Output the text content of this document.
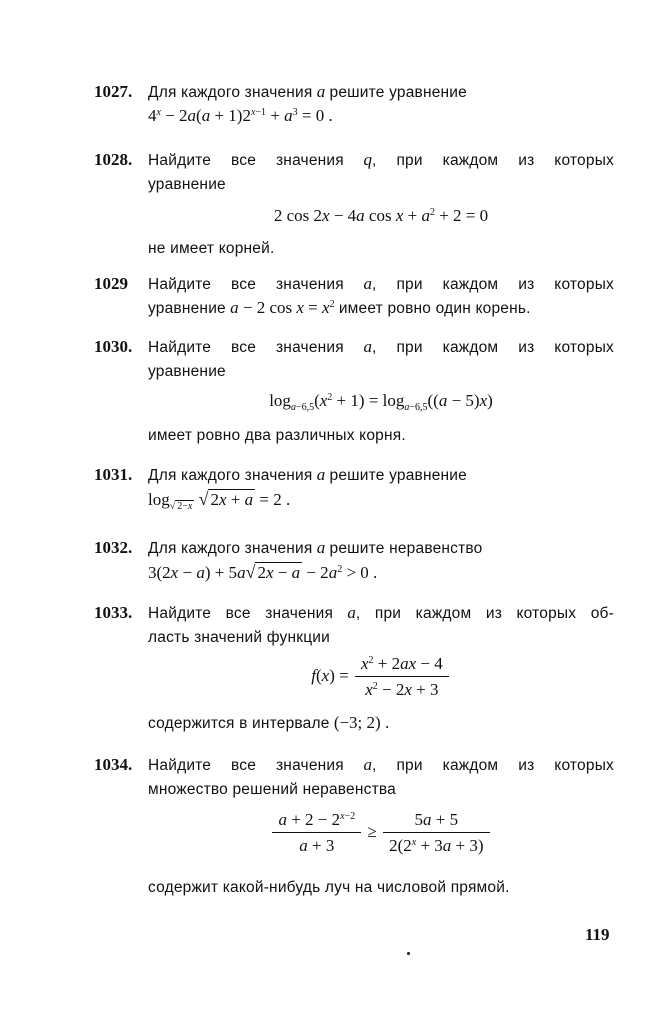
1027. Для каждого значения a решите уравнение
$4^x - 2a(a + 1)2^{x-1} + a^3 = 0$ .
1028. Найдите все значения q, при каждом из которых
уравнение
2 cos 2x − 4a $\cos x + a^2 + 2 = 0$
не имеет корней.
1029 Найдите все значения a, при каждом из которых
уравнение a − 2 $\cos x = x^2$ имеет ровно один корень.
1030. Найдите все значения a, при каждом из которых
уравнение
$\log_{a-6,5}(x^2 + 1) = \log_{a-6,5}((a - 5)x)$
имеет ровно два различных корня.
1031. Для каждого значения a решите уравнение
$\log_{√ 2-x}$ √ 2x + a = 2 .
1032. Для каждого значения a решите неравенство
3(2x − a) + 5a√ $2x - a - 2a^2 > 0$ .
1033. Найдите все значения a, при каждом из которых об-
ласть значений функции
$f(x) = \frac{x^2 + 2ax - 4}{x^2 - 2x + 3}$
содержится в интервале (−3; 2) .
1034. Найдите все значения a, при каждом из которых
множество решений неравенства
$\frac{a + 2 - 2^{x-2}}{a + 3} \ge \frac{5a + 5}{2(2^x + 3a + 3)}$
содержит какой-нибудь луч на числовой прямой.
119
